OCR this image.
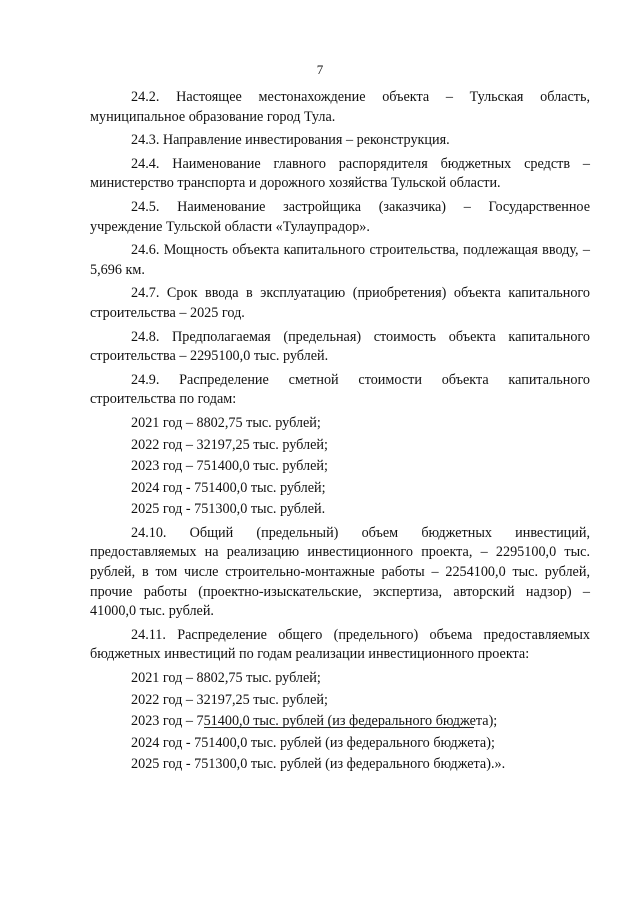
7

24.2. Настоящее местонахождение объекта – Тульская область, муниципальное образование город Тула.

24.3. Направление инвестирования – реконструкция.

24.4. Наименование главного распорядителя бюджетных средств – министерство транспорта и дорожного хозяйства Тульской области.

24.5. Наименование застройщика (заказчика) – Государственное учреждение Тульской области «Тулаупрадор».

24.6. Мощность объекта капитального строительства, подлежащая вводу, – 5,696 км.

24.7. Срок ввода в эксплуатацию (приобретения) объекта капитального строительства – 2025 год.

24.8. Предполагаемая (предельная) стоимость объекта капитального строительства – 2295100,0 тыс. рублей.

24.9. Распределение сметной стоимости объекта капитального строительства по годам:

2021 год – 8802,75 тыс. рублей;
2022 год – 32197,25 тыс. рублей;
2023 год – 751400,0 тыс. рублей;
2024 год - 751400,0 тыс. рублей;
2025 год - 751300,0 тыс. рублей.

24.10. Общий (предельный) объем бюджетных инвестиций, предоставляемых на реализацию инвестиционного проекта, – 2295100,0 тыс. рублей, в том числе строительно-монтажные работы – 2254100,0 тыс. рублей, прочие работы (проектно-изыскательские, экспертиза, авторский надзор) – 41000,0 тыс. рублей.

24.11. Распределение общего (предельного) объема предоставляемых бюджетных инвестиций по годам реализации инвестиционного проекта:

2021 год – 8802,75 тыс. рублей;
2022 год – 32197,25 тыс. рублей;
2023 год – 751400,0 тыс. рублей (из федерального бюджета);
2024 год - 751400,0 тыс. рублей (из федерального бюджета);
2025 год - 751300,0 тыс. рублей (из федерального бюджета).».
